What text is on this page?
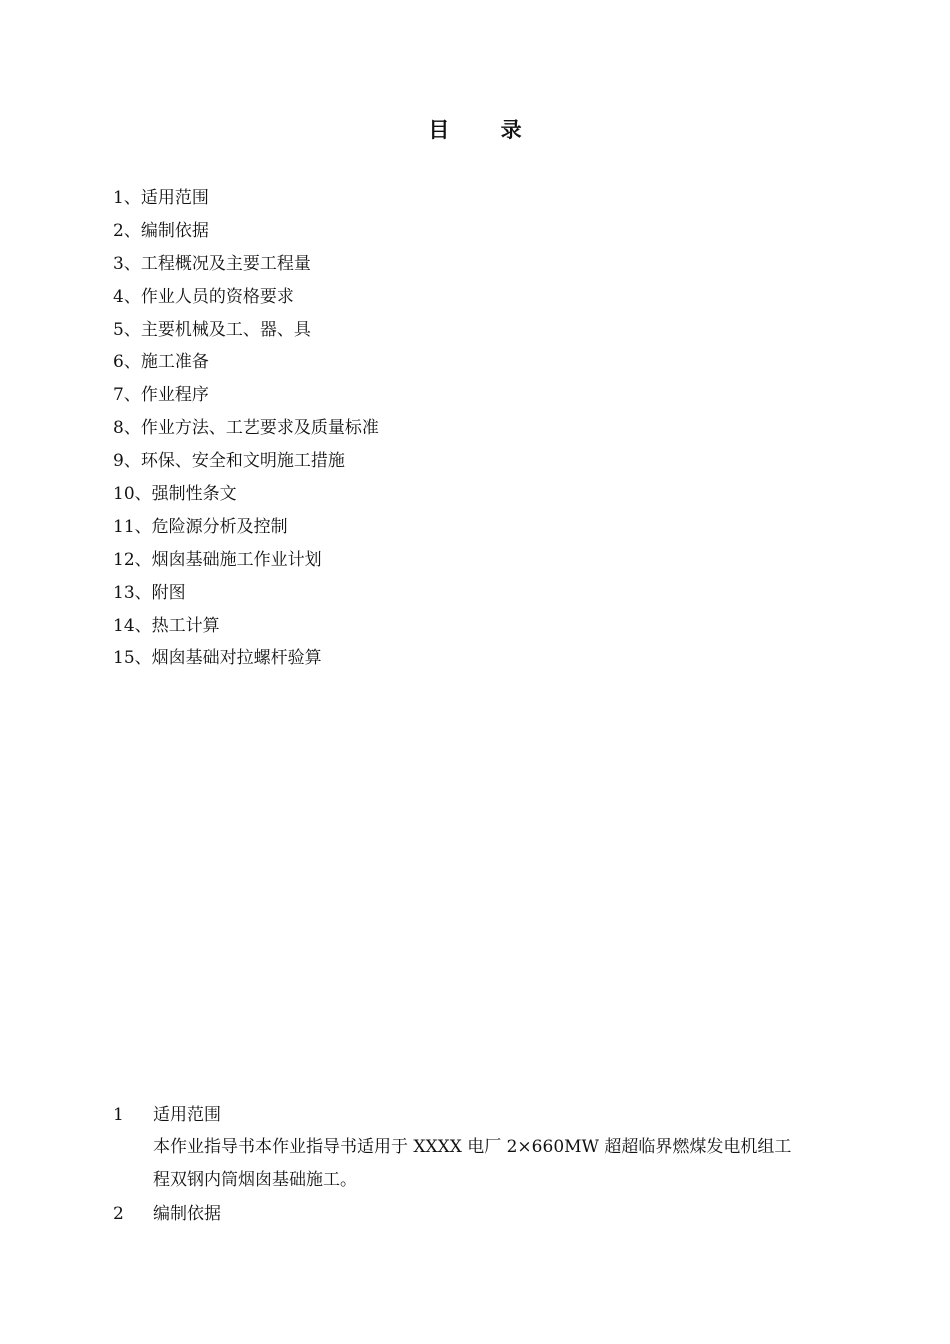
目 录
1、适用范围
2、编制依据
3、工程概况及主要工程量
4、作业人员的资格要求
5、主要机械及工、器、具
6、施工准备
7、作业程序
8、作业方法、工艺要求及质量标准
9、环保、安全和文明施工措施
10、强制性条文
11、危险源分析及控制
12、烟囱基础施工作业计划
13、附图
14、热工计算
15、烟囱基础对拉螺杆验算
1	适用范围

本作业指导书本作业指导书适用于 XXXX 电厂 2×660MW 超超临界燃煤发电机组工
程双钢内筒烟囱基础施工。

2	编制依据
